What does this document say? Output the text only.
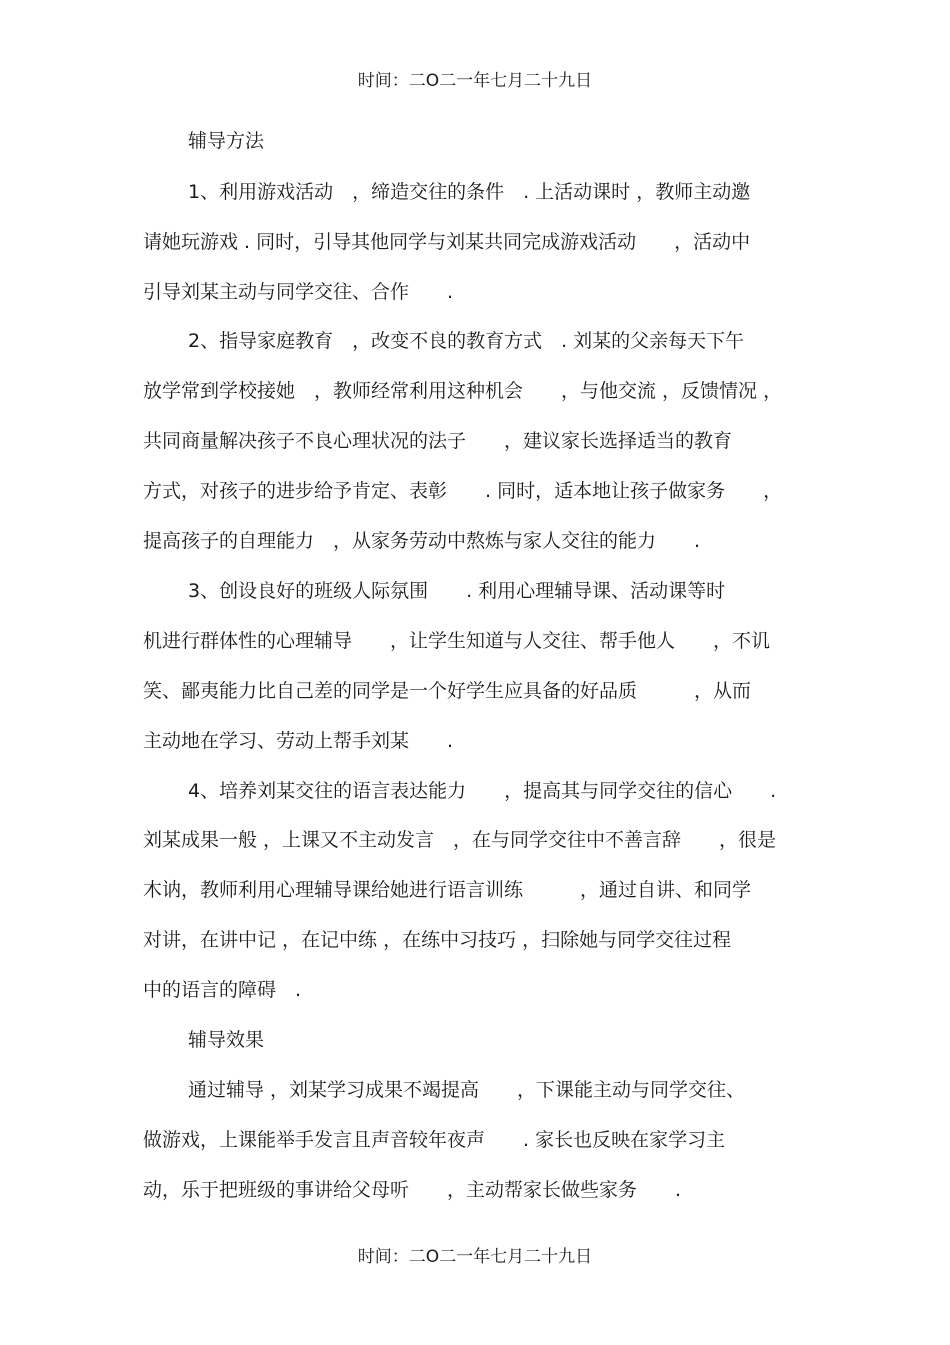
时间：二O二一年七月二十九日
辅导方法
1、利用游戏活动　，缔造交往的条件　. 上活动课时 ，教师主动邀
请她玩游戏 . 同时，引导其他同学与刘某共同完成游戏活动　　，活动中
引导刘某主动与同学交往、合作　　.
2、指导家庭教育　，改变不良的教育方式　. 刘某的父亲每天下午
放学常到学校接她　，教师经常利用这种机会　　，与他交流 ，反馈情况 ，
共同商量解决孩子不良心理状况的法子　　，建议家长选择适当的教育
方式，对孩子的进步给予肯定、表彰　　. 同时，适本地让孩子做家务　　，
提高孩子的自理能力　，从家务劳动中熬炼与家人交往的能力　　.
3、创设良好的班级人际氛围　　. 利用心理辅导课、活动课等时
机进行群体性的心理辅导　　，让学生知道与人交往、帮手他人　　，不讥
笑、鄙夷能力比自己差的同学是一个好学生应具备的好品质　　　，从而
主动地在学习、劳动上帮手刘某　　.
4、培养刘某交往的语言表达能力　　，提高其与同学交往的信心　　.
刘某成果一般 ，上课又不主动发言　，在与同学交往中不善言辞　　，很是
木讷，教师利用心理辅导课给她进行语言训练　　　，通过自讲、和同学
对讲，在讲中记 ，在记中练 ，在练中习技巧 ，扫除她与同学交往过程
中的语言的障碍　.
辅导效果
通过辅导 ，刘某学习成果不竭提高　　，下课能主动与同学交往、
做游戏，上课能举手发言且声音较年夜声　　. 家长也反映在家学习主
动，乐于把班级的事讲给父母听　　，主动帮家长做些家务　　.
时间：二O二一年七月二十九日
